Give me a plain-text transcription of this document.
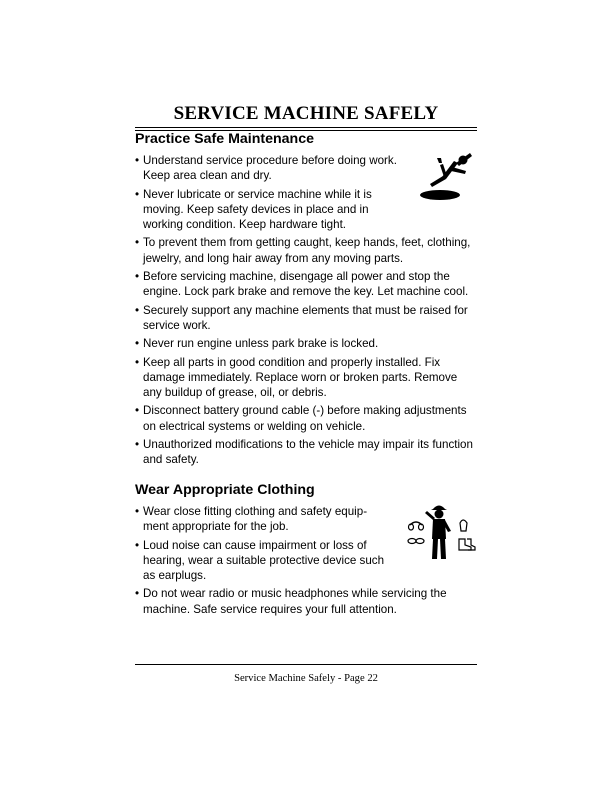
SERVICE MACHINE SAFELY
Practice Safe Maintenance
• Understand service procedure before doing work. Keep area clean and dry.
• Never lubricate or service machine while it is moving. Keep safety devices in place and in working condition. Keep hardware tight.
• To prevent them from getting caught, keep hands, feet, clothing, jewelry, and long hair away from any moving parts.
• Before servicing machine, disengage all power and stop the engine. Lock park brake and remove the key. Let machine cool.
• Securely support any machine elements that must be raised for service work.
• Never run engine unless park brake is locked.
• Keep all parts in good condition and properly installed. Fix damage immediately. Replace worn or broken parts. Remove any buildup of grease, oil, or debris.
• Disconnect battery ground cable (-) before making adjustments on electrical systems or welding on vehicle.
• Unauthorized modifications to the vehicle may impair its function and safety.
Wear Appropriate Clothing
• Wear close fitting clothing and safety equip-ment appropriate for the job.
• Loud noise can cause impairment or loss of hearing, wear a suitable protective device such as earplugs.
• Do not wear radio or music headphones while servicing the machine. Safe service requires your full attention.
Service Machine Safely - Page 22
